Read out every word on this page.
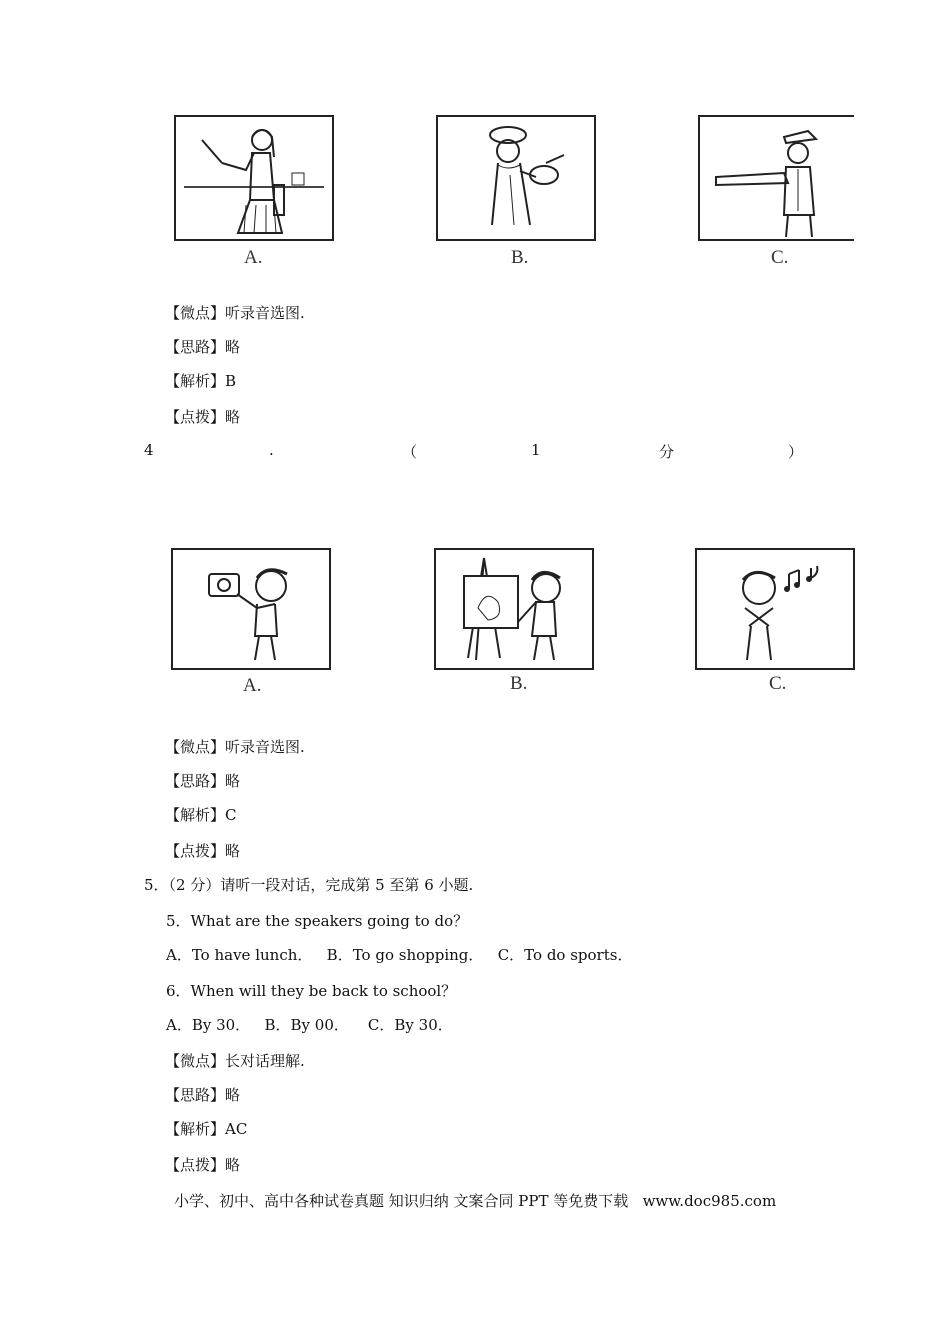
A.	B.	C.
【微点】听录音选图.
【思路】略
【解析】B
【点拨】略
4	.	（	1	分	）
A.	B.	C.
【微点】听录音选图.
【思路】略
【解析】C
【点拨】略
5．（2 分）请听一段对话，完成第 5 至第 6 小题.
5．What are the speakers going to do？
A．To have lunch．   B．To go shopping．   C．To do sports．
6．When will they be back to school？
A．By 30．   B．By 00．    C．By 30．
【微点】长对话理解.
【思路】略
【解析】AC
【点拨】略
小学、初中、高中各种试卷真题 知识归纳 文案合同 PPT 等免费下载   www.doc985.com
